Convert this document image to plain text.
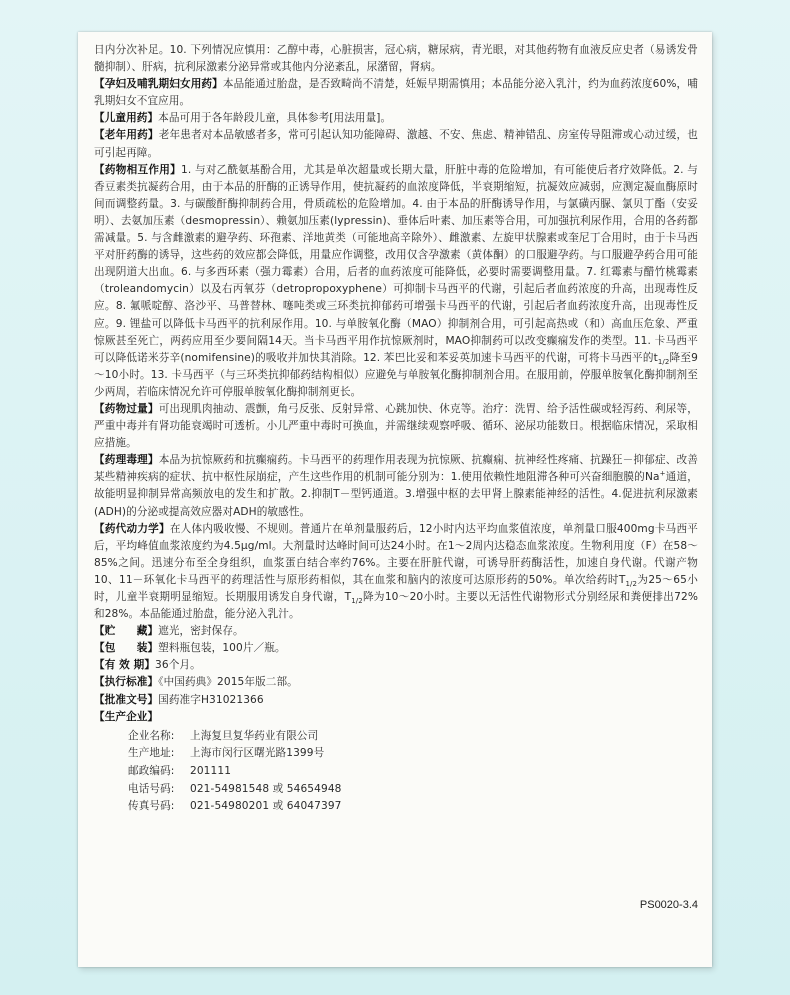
日内分次补足。10. 下列情况应慎用：乙醇中毒，心脏损害，冠心病，糖尿病，青光眼，对其他药物有血液反应史者（易诱发骨髓抑制）、肝病，抗利尿激素分泌异常或其他内分泌紊乱，尿潴留，肾病。

【孕妇及哺乳期妇女用药】本品能通过胎盘，是否致畸尚不清楚，妊娠早期需慎用；本品能分泌入乳汁，约为血药浓度60%，哺乳期妇女不宜应用。

【儿童用药】本品可用于各年龄段儿童，具体参考[用法用量]。

【老年用药】老年患者对本品敏感者多，常可引起认知功能障碍、激越、不安、焦虑、精神错乱、房室传导阻滞或心动过缓，也可引起再障。

【药物相互作用】1. 与对乙酰氨基酚合用，尤其是单次超量或长期大量，肝脏中毒的危险增加，有可能使后者疗效降低。2. 与香豆素类抗凝药合用，由于本品的肝酶的正诱导作用，使抗凝药的血浓度降低，半衰期缩短，抗凝效应减弱，应测定凝血酶原时间而调整药量。3. 与碳酸酐酶抑制药合用，骨质疏松的危险增加。4. 由于本品的肝酶诱导作用，与氯磺丙脲、氯贝丁酯（安妥明）、去氨加压素（desmopressin）、赖氨加压素(lypressin)、垂体后叶素、加压素等合用，可加强抗利尿作用，合用的各药都需减量。5. 与含雌激素的避孕药、环孢素、洋地黄类（可能地高辛除外）、雌激素、左旋甲状腺素或奎尼丁合用时，由于卡马西平对肝药酶的诱导，这些药的效应都会降低，用量应作调整，改用仅含孕激素（黄体酮）的口服避孕药。与口服避孕药合用可能出现阴道大出血。6. 与多西环素（强力霉素）合用，后者的血药浓度可能降低，必要时需要调整用量。7. 红霉素与醋竹桃霉素（troleandomycin）以及右丙氧芬（detropropoxyphene）可抑制卡马西平的代谢，引起后者血药浓度的升高，出现毒性反应。8. 氟哌啶醇、洛沙平、马普替林、噻吨类或三环类抗抑郁药可增强卡马西平的代谢，引起后者血药浓度升高，出现毒性反应。9. 锂盐可以降低卡马西平的抗利尿作用。10. 与单胺氧化酶（MAO）抑制剂合用，可引起高热或（和）高血压危象、严重惊厥甚至死亡，两药应用至少要间隔14天。当卡马西平用作抗惊厥剂时，MAO抑制药可以改变癫痫发作的类型。11. 卡马西平可以降低诺米芬辛(nomifensine)的吸收并加快其消除。12. 苯巴比妥和苯妥英加速卡马西平的代谢，可将卡马西平的$t_{1/2}$降至9～10小时。13. 卡马西平（与三环类抗抑郁药结构相似）应避免与单胺氧化酶抑制剂合用。在服用前，停服单胺氧化酶抑制剂至少两周，若临床情况允许可停服单胺氧化酶抑制剂更长。

【药物过量】可出现肌肉抽动、震颤，角弓反张、反射异常、心跳加快、休克等。治疗：洗胃、给予活性碳或轻泻药、利尿等，严重中毒并有肾功能衰竭时可透析。小儿严重中毒时可换血，并需继续观察呼吸、循环、泌尿功能数日。根据临床情况，采取相应措施。

【药理毒理】本品为抗惊厥药和抗癫痫药。卡马西平的药理作用表现为抗惊厥、抗癫痫、抗神经性疼痛、抗躁狂－抑郁症、改善某些精神疾病的症状、抗中枢性尿崩症，产生这些作用的机制可能分别为：1.使用依赖性地阻滞各种可兴奋细胞膜的Na+通道，故能明显抑制异常高频放电的发生和扩散。2.抑制T－型钙通道。3.增强中枢的去甲肾上腺素能神经的活性。4.促进抗利尿激素(ADH)的分泌或提高效应器对ADH的敏感性。

【药代动力学】在人体内吸收慢、不规则。普通片在单剂量服药后，12小时内达平均血浆值浓度，单剂量口服400mg卡马西平后，平均峰值血浆浓度约为4.5μg/ml。大剂量时达峰时间可达24小时。在1～2周内达稳态血浆浓度。生物利用度（F）在58～85%之间。迅速分布至全身组织，血浆蛋白结合率约76%。主要在肝脏代谢，可诱导肝药酶活性，加速自身代谢。代谢产物10、11－环氧化卡马西平的药理活性与原形药相似，其在血浆和脑内的浓度可达原形药的50%。单次给药时$T_{1/2}$为25～65小时，儿童半衰期明显缩短。长期服用诱发自身代谢，$T_{1/2}$降为10～20小时。主要以无活性代谢物形式分别经尿和粪便排出72%和28%。本品能通过胎盘，能分泌入乳汁。

【贮　　藏】遮光，密封保存。

【包　　装】塑料瓶包装，100片／瓶。

【有 效 期】36个月。

【执行标准】《中国药典》2015年版二部。

【批准文号】国药准字H31021366

【生产企业】

企业名称: 上海复旦复华药业有限公司
生产地址: 上海市闵行区曙光路1399号
邮政编码: 201111
电话号码: 021-54981548 或 54654948
传真号码: 021-54980201 或 64047397
PS0020-3.4
